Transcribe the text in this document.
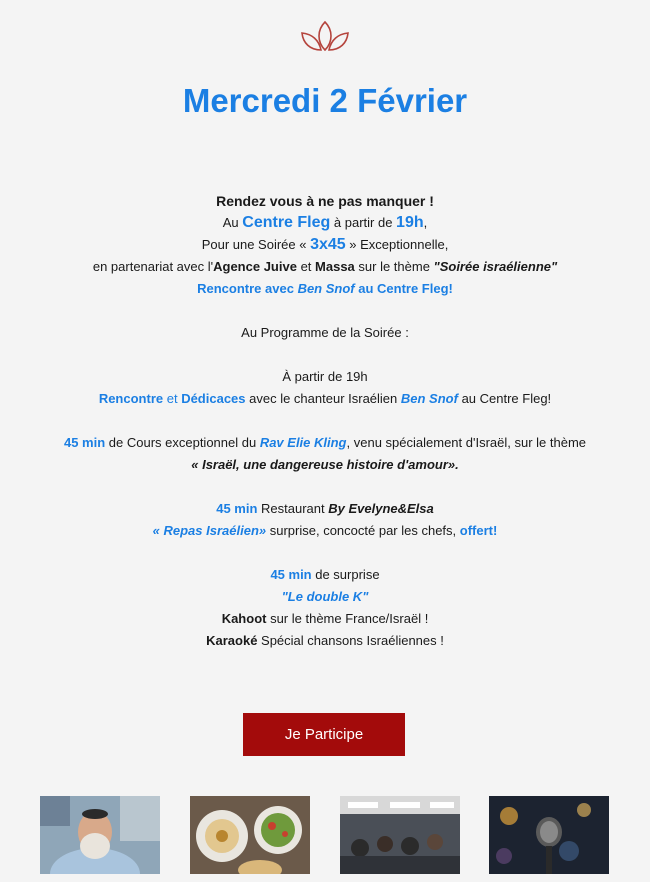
Mercredi 2 Février

Rendez vous à ne pas manquer !

Au Centre Fleg à partir de 19h,

Pour une Soirée « 3x45 » Exceptionnelle,

en partenariat avec l'Agence Juive et Massa sur le thème "Soirée israélienne"

Rencontre avec Ben Snof au Centre Fleg!

Au Programme de la Soirée :

À partir de 19h

Rencontre et Dédicaces avec le chanteur Israélien Ben Snof au Centre Fleg!

45 min de Cours exceptionnel du Rav Elie Kling, venu spécialement d'Israël, sur le thème

« Israël, une dangereuse histoire d'amour».

45 min Restaurant By Evelyne&Elsa

« Repas Israélien» surprise, concocté par les chefs, offert!

45 min de surprise

"Le double K"

Kahoot sur le thème France/Israël !

Karaoké Spécial chansons Israéliennes !

Je Participe
